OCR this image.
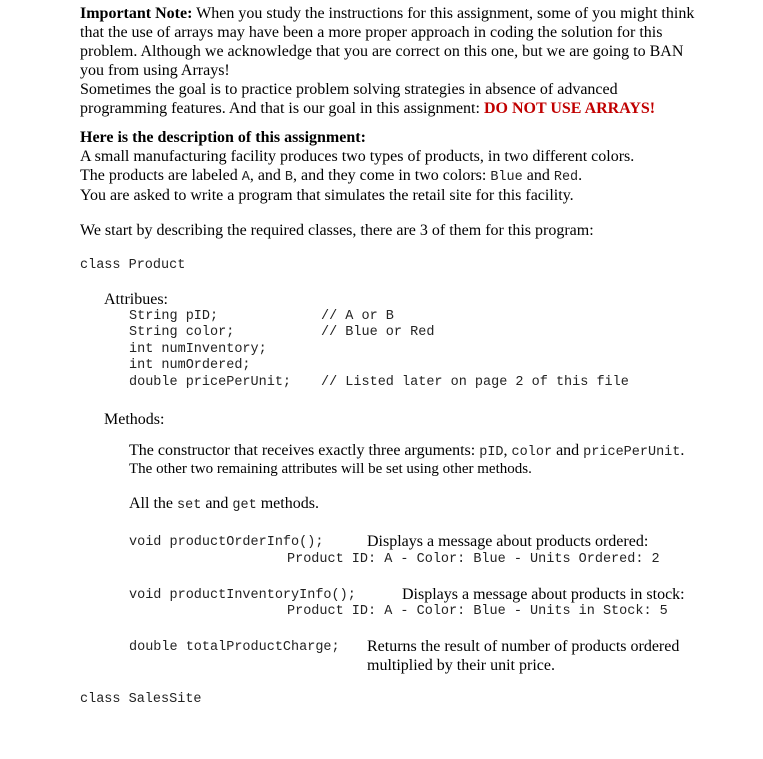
Important Note: When you study the instructions for this assignment, some of you might think
that the use of arrays may have been a more proper approach in coding the solution for this
problem. Although we acknowledge that you are correct on this one, but we are going to BAN
you from using Arrays!
Sometimes the goal is to practice problem solving strategies in absence of advanced
programming features. And that is our goal in this assignment: DO NOT USE ARRAYS!
Here is the description of this assignment:
A small manufacturing facility produces two types of products, in two different colors.
The products are labeled A, and B, and they come in two colors: Blue and Red.
You are asked to write a program that simulates the retail site for this facility.
We start by describing the required classes, there are 3 of them for this program:
class Product
Attribues:
String pID;	// A or B
String color;	// Blue or Red
int numInventory;
int numOrdered;
double pricePerUnit; // Listed later on page 2 of this file
Methods:
The constructor that receives exactly three arguments: pID, color and pricePerUnit.
The other two remaining attributes will be set using other methods.
All the set and get methods.
void productOrderInfo();	Displays a message about products ordered:
Product ID: A - Color: Blue - Units Ordered: 2
void productInventoryInfo();	Displays a message about products in stock:
Product ID: A - Color: Blue - Units in Stock: 5
double totalProductCharge; Returns the result of number of products ordered
multiplied by their unit price.
class SalesSite
